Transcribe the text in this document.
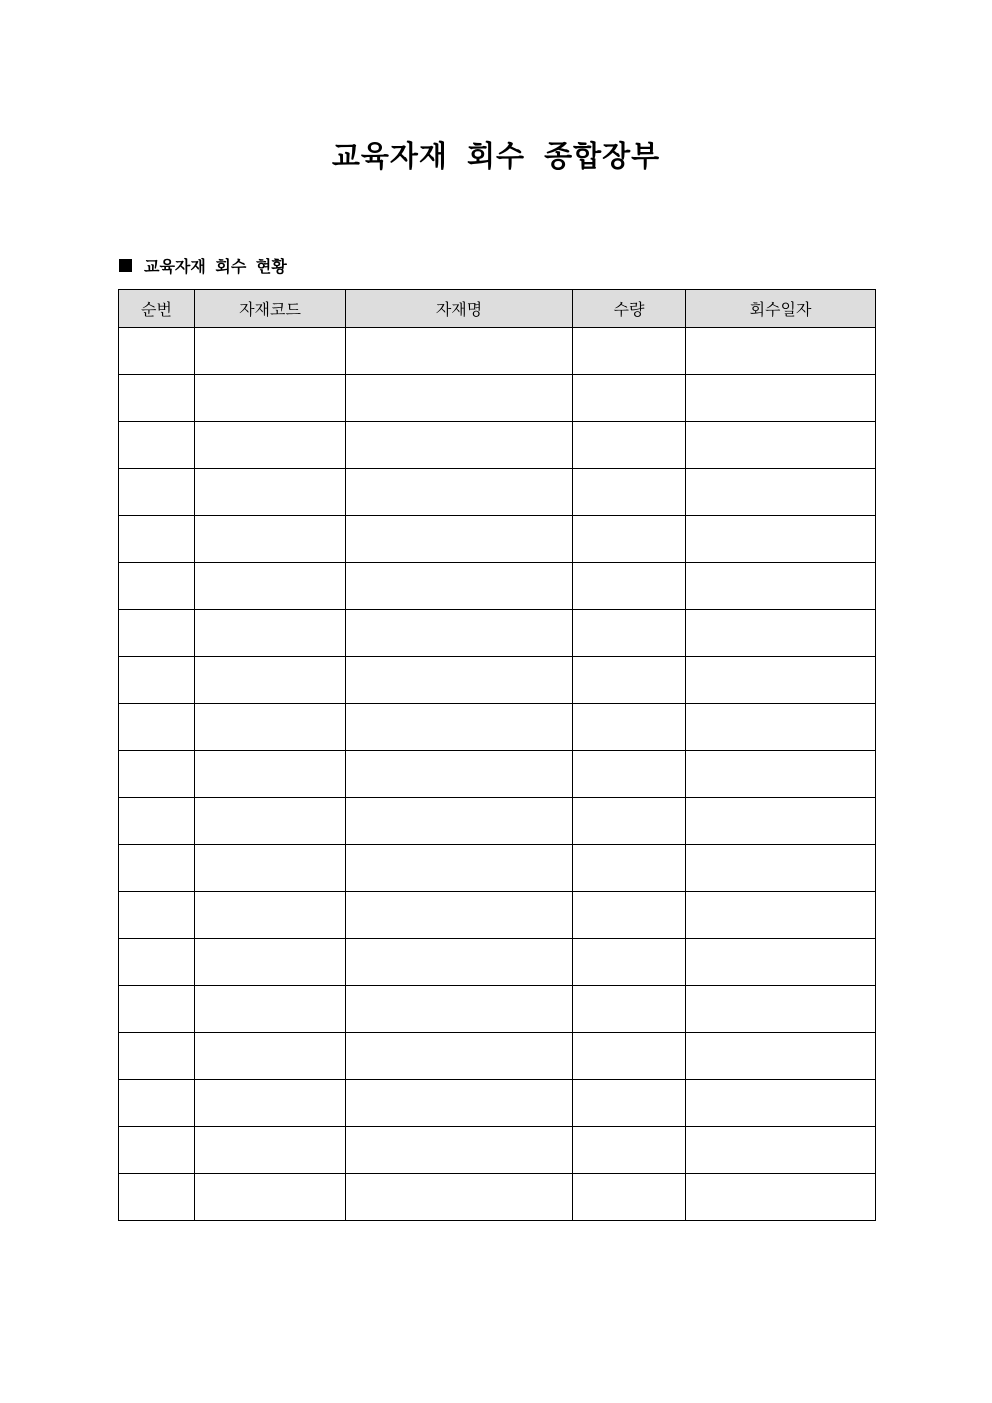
교육자재 회수 종합장부
교육자재 회수 현황
순번	자재코드	자재명	수량	회수일자
